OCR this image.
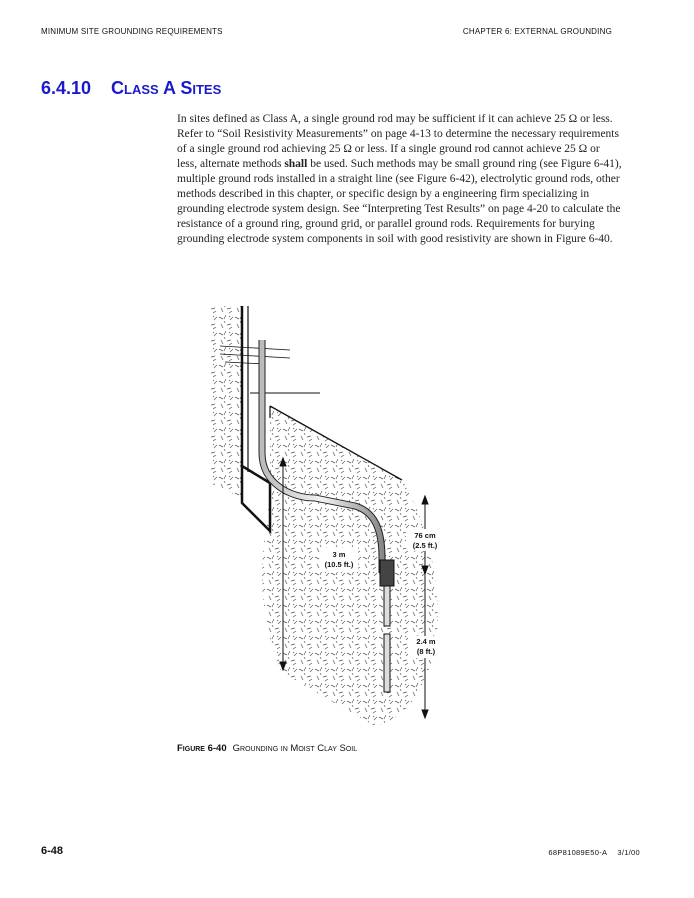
MINIMUM SITE GROUNDING REQUIREMENTS	CHAPTER 6: EXTERNAL GROUNDING
6.4.10 Class A Sites

In sites defined as Class A, a single ground rod may be sufficient if it can achieve 25 Ω or less. Refer to “Soil Resistivity Measurements” on page 4-13 to determine the necessary requirements of a single ground rod achieving 25 Ω or less. If a single ground rod cannot achieve 25 Ω or less, alternate methods shall be used. Such methods may be small ground ring (see Figure 6-41), multiple ground rods installed in a straight line (see Figure 6-42), electrolytic ground rods, other methods described in this chapter, or specific design by a engineering firm specializing in grounding electrode system design. See “Interpreting Test Results” on page 4-20 to calculate the resistance of a ground ring, ground grid, or parallel ground rods. Requirements for burying grounding electrode system components in soil with good resistivity are shown in Figure 6-40.

3 m
(10.5 ft.)
76 cm
(2.5 ft.)
2.4 m
(8 ft.)
Figure 6-40 Grounding in Moist Clay Soil
6-48	68P81089E50-A 3/1/00
